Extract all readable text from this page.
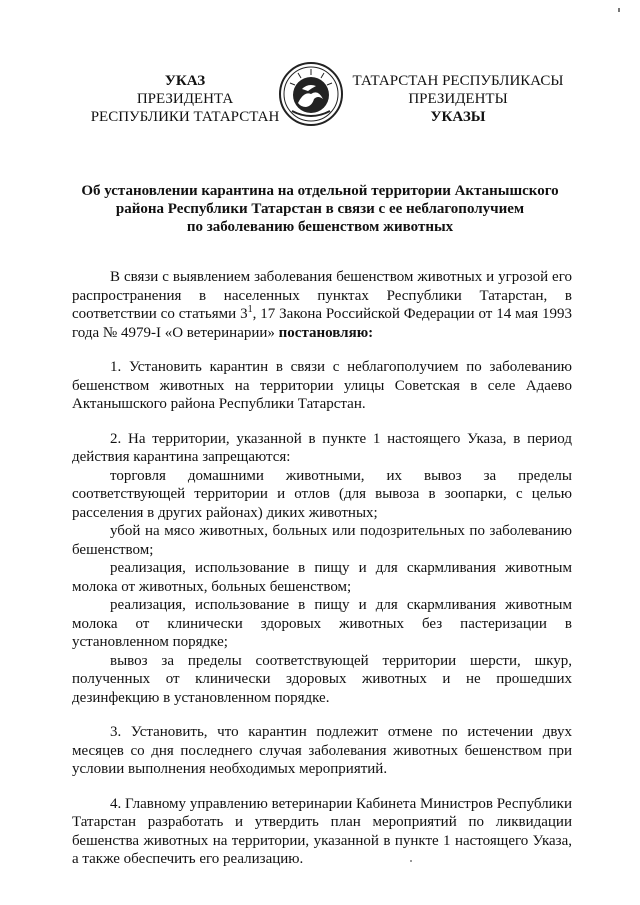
УКАЗ
ПРЕЗИДЕНТА
РЕСПУБЛИКИ ТАТАРСТАН
ТАТАРСТАН РЕСПУБЛИКАСЫ
ПРЕЗИДЕНТЫ
УКАЗЫ
Об установлении карантина на отдельной территории Актанышского
района Республики Татарстан в связи с ее неблагополучием
по заболеванию бешенством животных

В связи с выявлением заболевания бешенством животных и угрозой его распространения в населенных пунктах Республики Татарстан, в соответствии со статьями $3^1$, 17 Закона Российской Федерации от 14 мая 1993 года № 4979-I «О ветеринарии» постановляю:

1. Установить карантин в связи с неблагополучием по заболеванию бешенством животных на территории улицы Советская в селе Адаево Актанышского района Республики Татарстан.

2. На территории, указанной в пункте 1 настоящего Указа, в период действия карантина запрещаются:

торговля домашними животными, их вывоз за пределы соответствующей территории и отлов (для вывоза в зоопарки, с целью расселения в других районах) диких животных;

убой на мясо животных, больных или подозрительных по заболеванию бешенством;

реализация, использование в пищу и для скармливания животным молока от животных, больных бешенством;

реализация, использование в пищу и для скармливания животным молока от клинически здоровых животных без пастеризации в установленном порядке;

вывоз за пределы соответствующей территории шерсти, шкур, полученных от клинически здоровых животных и не прошедших дезинфекцию в установленном порядке.

3. Установить, что карантин подлежит отмене по истечении двух месяцев со дня последнего случая заболевания животных бешенством при условии выполнения необходимых мероприятий.

4. Главному управлению ветеринарии Кабинета Министров Республики Татарстан разработать и утвердить план мероприятий по ликвидации бешенства животных на территории, указанной в пункте 1 настоящего Указа, а также обеспечить его реализацию.
